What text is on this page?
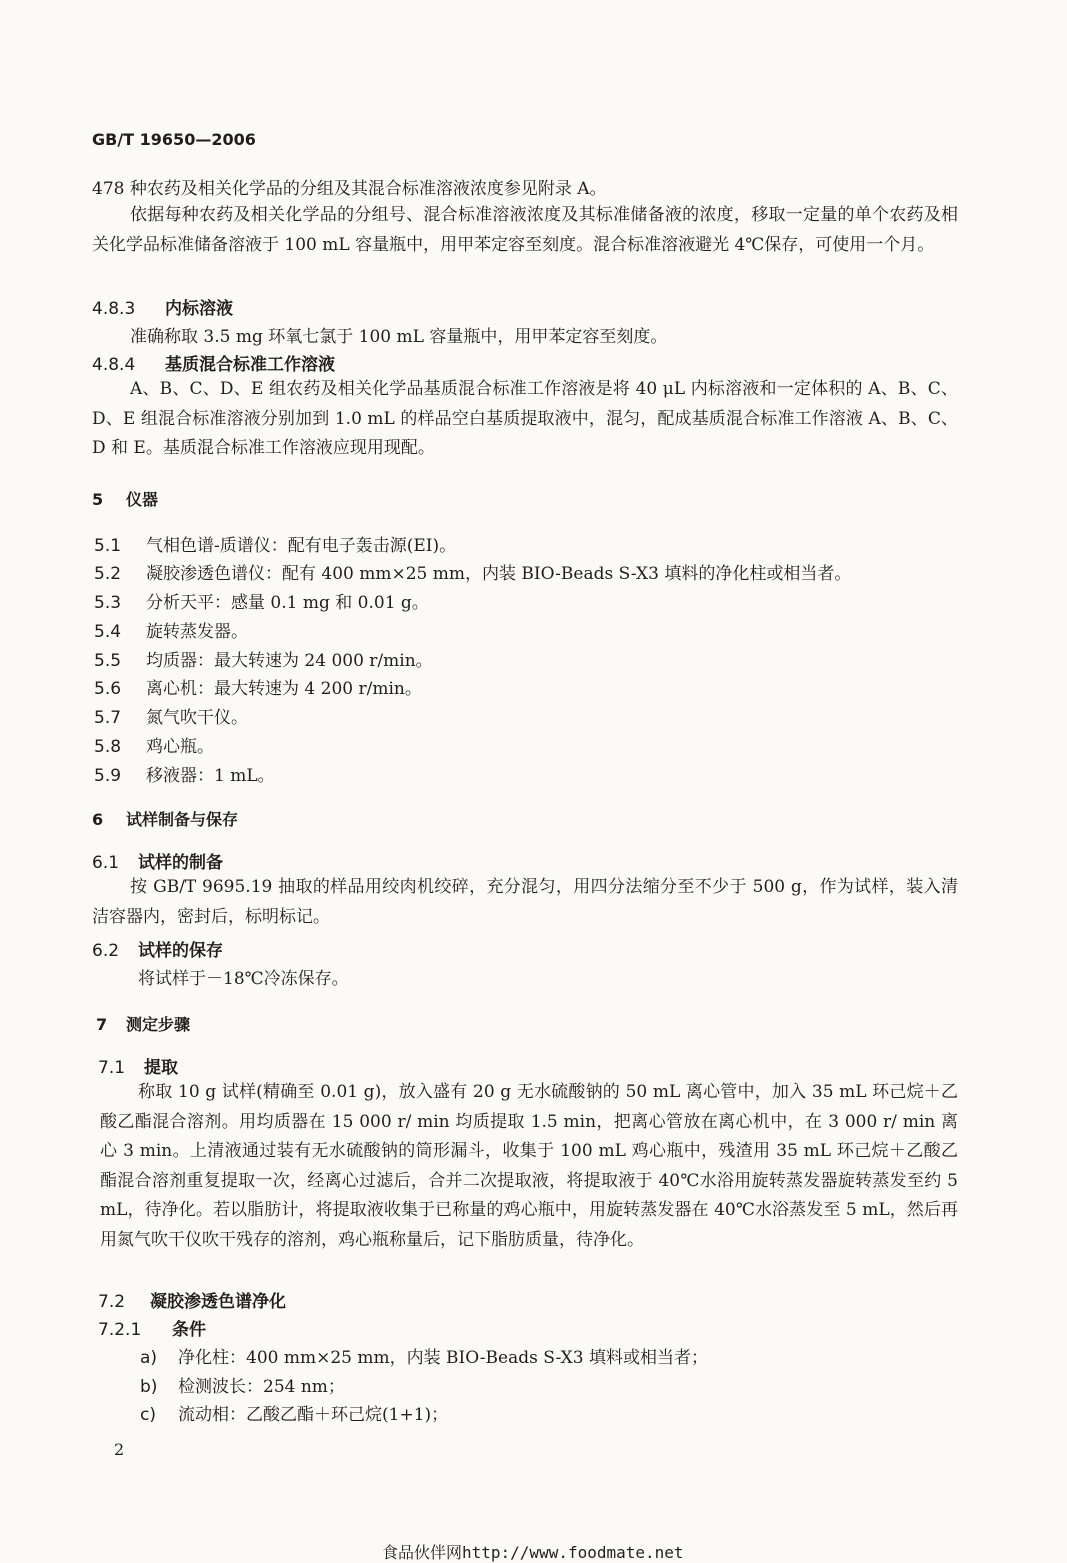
GB/T 19650—2006
478 种农药及相关化学品的分组及其混合标准溶液浓度参见附录 A。
依据每种农药及相关化学品的分组号、混合标准溶液浓度及其标准储备液的浓度，移取一定量的单个农药及相关化学品标准储备溶液于 100 mL 容量瓶中，用甲苯定容至刻度。混合标准溶液避光 4℃保存，可使用一个月。
4.8.3 内标溶液
准确称取 3.5 mg 环氧七氯于 100 mL 容量瓶中，用甲苯定容至刻度。
4.8.4 基质混合标准工作溶液
A、B、C、D、E 组农药及相关化学品基质混合标准工作溶液是将 40 μL 内标溶液和一定体积的 A、B、C、D、E 组混合标准溶液分别加到 1.0 mL 的样品空白基质提取液中，混匀，配成基质混合标准工作溶液 A、B、C、D 和 E。基质混合标准工作溶液应现用现配。
5 仪器
5.1 气相色谱-质谱仪：配有电子轰击源(EI)。
5.2 凝胶渗透色谱仪：配有 400 mm×25 mm，内装 BIO-Beads S-X3 填料的净化柱或相当者。
5.3 分析天平：感量 0.1 mg 和 0.01 g。
5.4 旋转蒸发器。
5.5 均质器：最大转速为 24 000 r/min。
5.6 离心机：最大转速为 4 200 r/min。
5.7 氮气吹干仪。
5.8 鸡心瓶。
5.9 移液器：1 mL。
6 试样制备与保存
6.1 试样的制备
按 GB/T 9695.19 抽取的样品用绞肉机绞碎，充分混匀，用四分法缩分至不少于 500 g，作为试样，装入清洁容器内，密封后，标明标记。
6.2 试样的保存
将试样于－18℃冷冻保存。
7 测定步骤
7.1 提取
称取 10 g 试样(精确至 0.01 g)，放入盛有 20 g 无水硫酸钠的 50 mL 离心管中，加入 35 mL 环己烷＋乙酸乙酯混合溶剂。用均质器在 15 000 r/ min 均质提取 1.5 min，把离心管放在离心机中，在 3 000 r/ min 离心 3 min。上清液通过装有无水硫酸钠的筒形漏斗，收集于 100 mL 鸡心瓶中，残渣用 35 mL 环己烷＋乙酸乙酯混合溶剂重复提取一次，经离心过滤后，合并二次提取液，将提取液于 40℃水浴用旋转蒸发器旋转蒸发至约 5 mL，待净化。若以脂肪计，将提取液收集于已称量的鸡心瓶中，用旋转蒸发器在 40℃水浴蒸发至 5 mL，然后再用氮气吹干仪吹干残存的溶剂，鸡心瓶称量后，记下脂肪质量，待净化。
7.2 凝胶渗透色谱净化
7.2.1 条件
a) 净化柱：400 mm×25 mm，内装 BIO-Beads S-X3 填料或相当者；
b) 检测波长：254 nm；
c) 流动相：乙酸乙酯＋环己烷(1+1)；
2
食品伙伴网http://www.foodmate.net
